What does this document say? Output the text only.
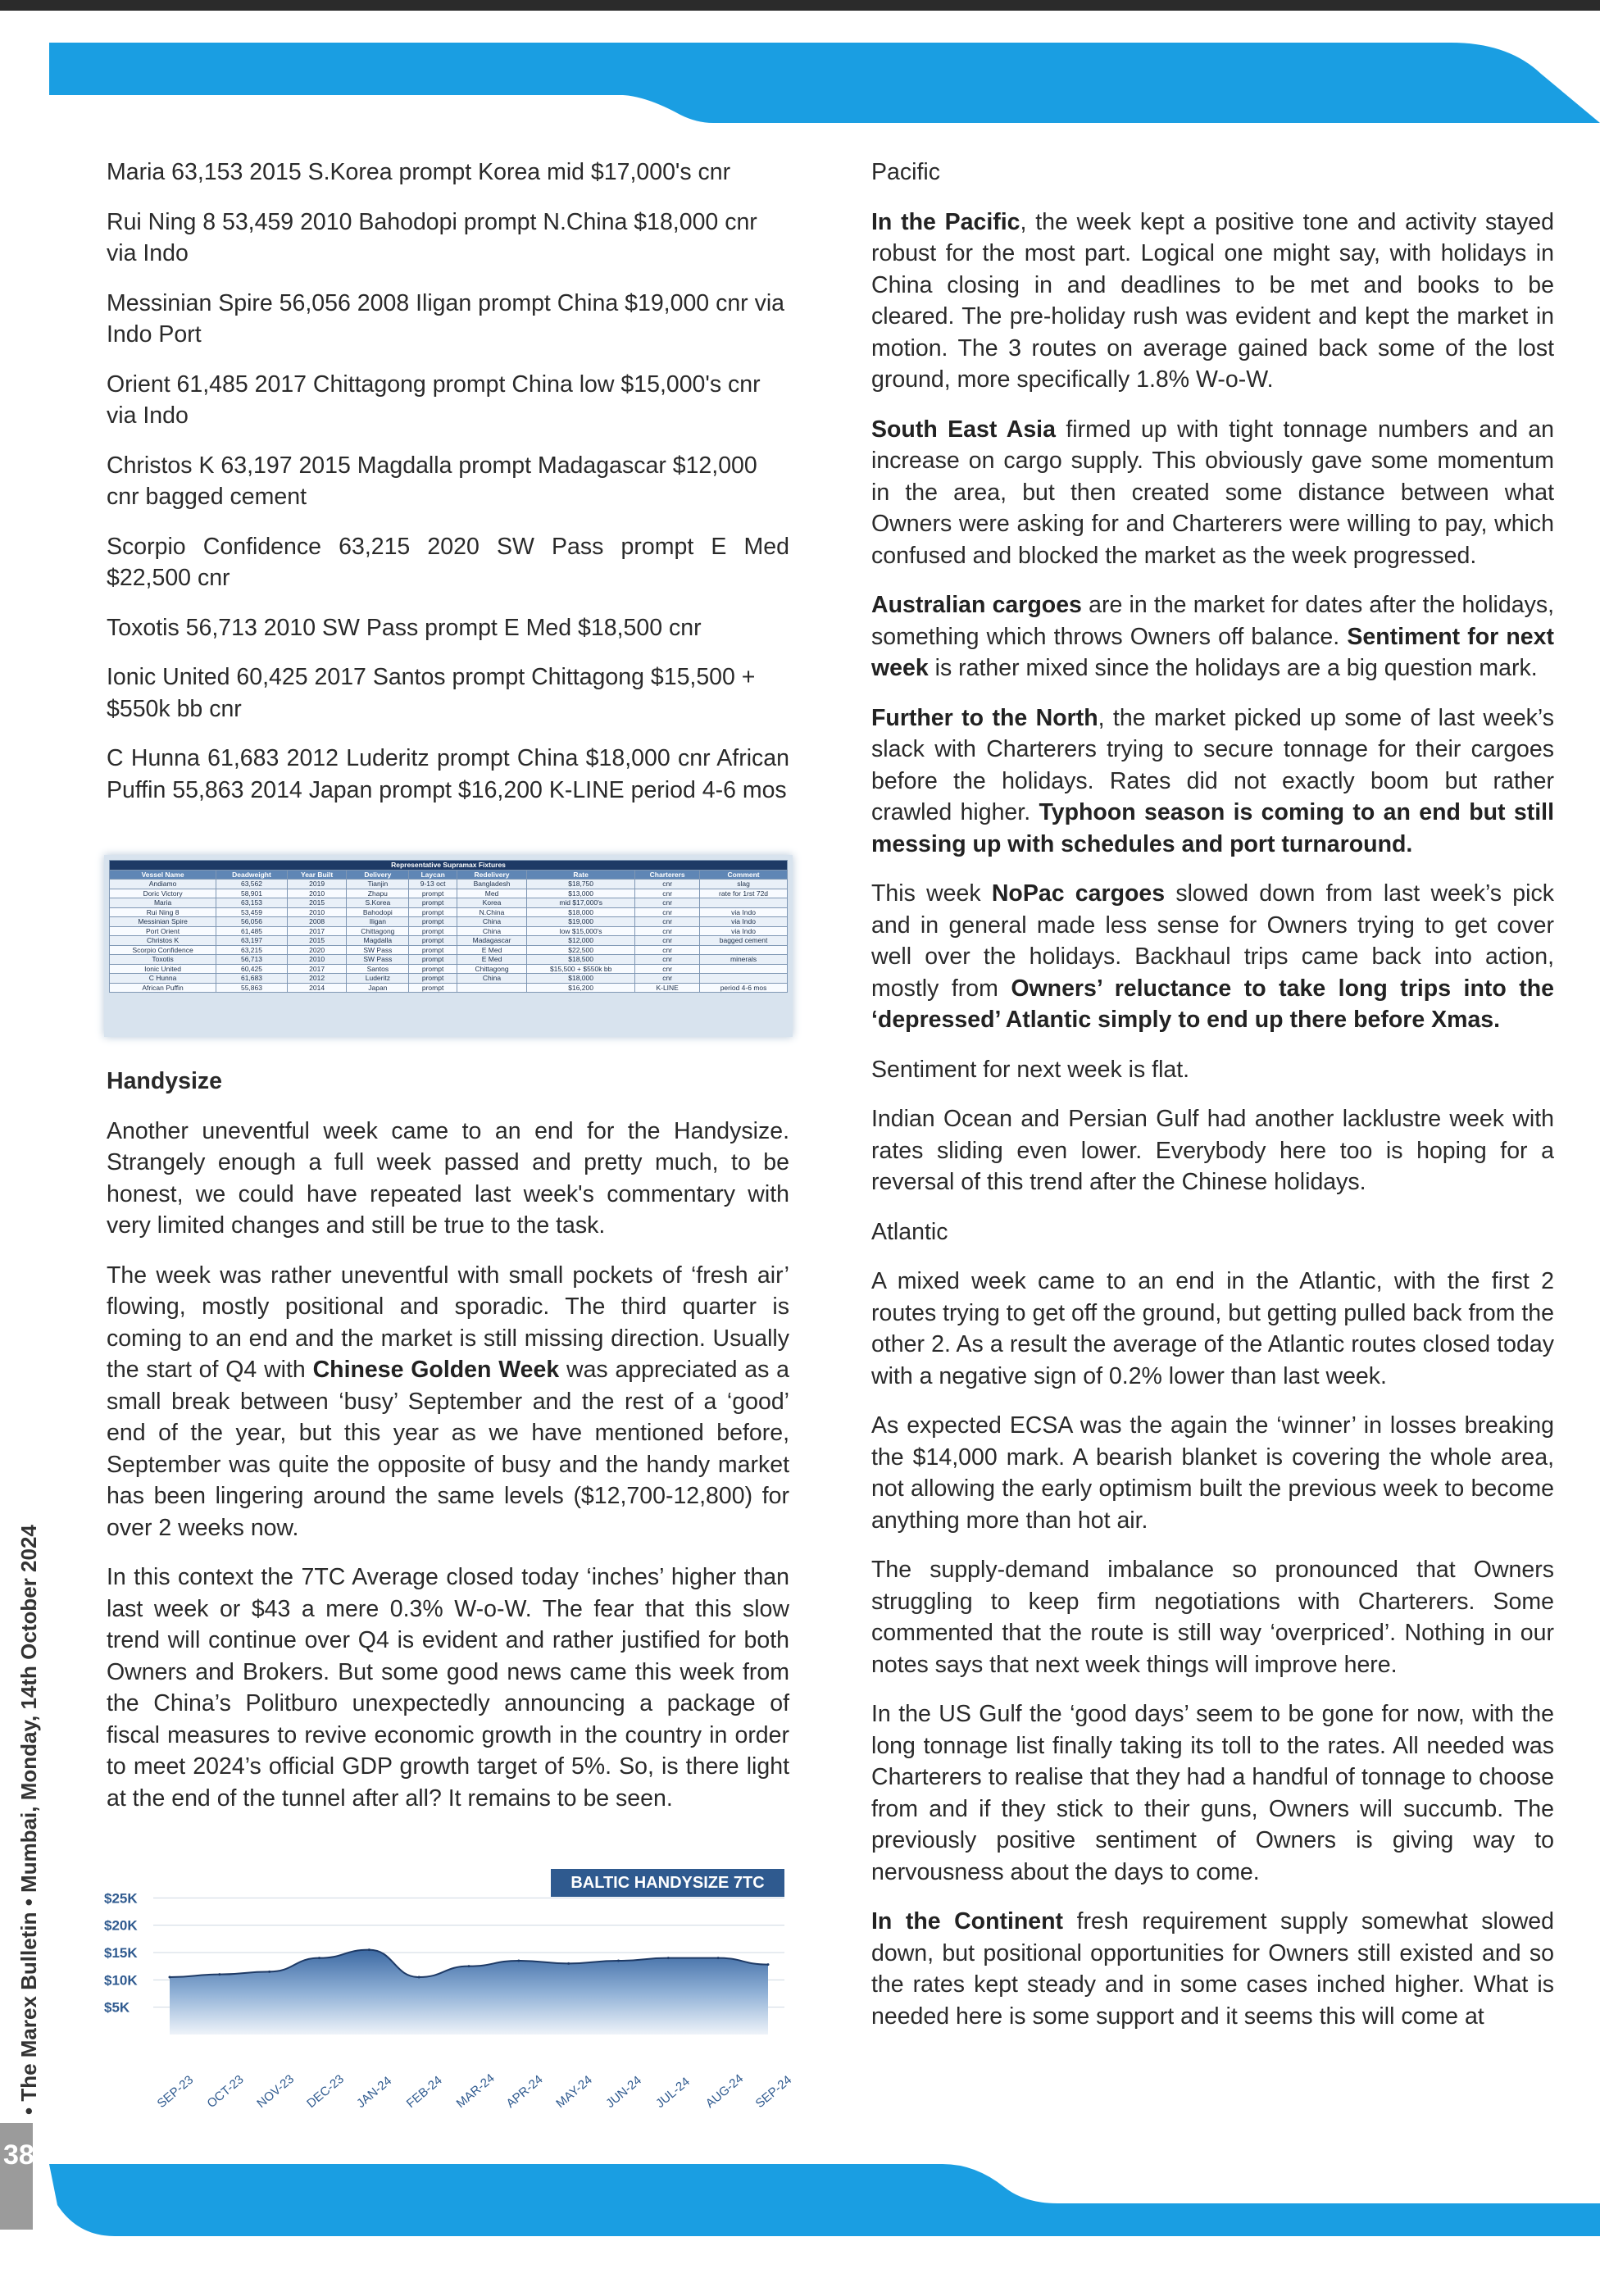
• The Marex Bulletin • Mumbai, Monday, 14th October 2024
38

Maria 63,153 2015 S.Korea prompt Korea mid $17,000's cnr

Rui Ning 8 53,459 2010 Bahodopi prompt N.China $18,000 cnr via Indo

Messinian Spire 56,056 2008 Iligan prompt China $19,000 cnr via Indo Port

Orient 61,485 2017 Chittagong prompt China low $15,000's cnr via Indo

Christos K 63,197 2015 Magdalla prompt Madagascar $12,000 cnr bagged cement

Scorpio Confidence 63,215 2020 SW Pass prompt E Med $22,500 cnr

Toxotis 56,713 2010 SW Pass prompt E Med $18,500 cnr

Ionic United 60,425 2017 Santos prompt Chittagong $15,500 + $550k bb cnr

C Hunna 61,683 2012 Luderitz prompt China $18,000 cnr African Puffin 55,863 2014 Japan prompt $16,200 K-LINE period 4-6 mos

Representative Supramax Fixtures								
Vessel Name	Deadweight	Year Built	Delivery	Laycan	Redelivery	Rate	Charterers	Comment
Andiamo	63,562	2019	Tianjin	9-13 oct	Bangladesh	$18,750	cnr	slag
Doric Victory	58,901	2010	Zhapu	prompt	Med	$13,000	cnr	rate for 1rst 72d
Maria	63,153	2015	S.Korea	prompt	Korea	mid $17,000's	cnr	
Rui Ning 8	53,459	2010	Bahodopi	prompt	N.China	$18,000	cnr	via Indo
Messinian Spire	56,056	2008	Iligan	prompt	China	$19,000	cnr	via Indo
Port Orient	61,485	2017	Chittagong	prompt	China	low $15,000's	cnr	via Indo
Christos K	63,197	2015	Magdalla	prompt	Madagascar	$12,000	cnr	bagged cement
Scorpio Confidence	63,215	2020	SW Pass	prompt	E Med	$22,500	cnr	
Toxotis	56,713	2010	SW Pass	prompt	E Med	$18,500	cnr	minerals
Ionic United	60,425	2017	Santos	prompt	Chittagong	$15,500 + $550k bb	cnr	
C Hunna	61,683	2012	Luderitz	prompt	China	$18,000	cnr	
African Puffin	55,863	2014	Japan	prompt		$16,200	K-LINE	period 4-6 mos
Handysize

Another uneventful week came to an end for the Handysize. Strangely enough a full week passed and pretty much, to be honest, we could have repeated last week's commentary with very limited changes and still be true to the task.

The week was rather uneventful with small pockets of ‘fresh air’ flowing, mostly positional and sporadic. The third quarter is coming to an end and the market is still missing direction. Usually the start of Q4 with Chinese Golden Week was appreciated as a small break between ‘busy’ September and the rest of a ‘good’ end of the year, but this year as we have mentioned before, September was quite the opposite of busy and the handy market has been lingering around the same levels ($12,700-12,800) for over 2 weeks now.

In this context the 7TC Average closed today ‘inches’ higher than last week or $43 a mere 0.3% W-o-W. The fear that this slow trend will continue over Q4 is evident and rather justified for both Owners and Brokers. But some good news came this week from the China’s Politburo unexpectedly announcing a package of fiscal measures to revive economic growth in the country in order to meet 2024’s official GDP growth target of 5%. So, is there light at the end of the tunnel after all? It remains to be seen.

$25K
$20K
$15K
$10K
$5K
SEP-23 OCT-23 NOV-23 DEC-23 JAN-24 FEB-24 MAR-24 APR-24 MAY-24 JUN-24 JUL-24 AUG-24 SEP-24
BALTIC HANDYSIZE 7TC
Pacific

In the Pacific, the week kept a positive tone and activity stayed robust for the most part. Logical one might say, with holidays in China closing in and deadlines to be met and books to be cleared. The pre-holiday rush was evident and kept the market in motion. The 3 routes on average gained back some of the lost ground, more specifically 1.8% W-o-W.

South East Asia firmed up with tight tonnage numbers and an increase on cargo supply. This obviously gave some momentum in the area, but then created some distance between what Owners were asking for and Charterers were willing to pay, which confused and blocked the market as the week progressed.

Australian cargoes are in the market for dates after the holidays, something which throws Owners off balance. Sentiment for next week is rather mixed since the holidays are a big question mark.

Further to the North, the market picked up some of last week’s slack with Charterers trying to secure tonnage for their cargoes before the holidays. Rates did not exactly boom but rather crawled higher. Typhoon season is coming to an end but still messing up with schedules and port turnaround.

This week NoPac cargoes slowed down from last week’s pick and in general made less sense for Owners trying to get cover well over the holidays. Backhaul trips came back into action, mostly from Owners’ reluctance to take long trips into the ‘depressed’ Atlantic simply to end up there before Xmas.

Sentiment for next week is flat.

Indian Ocean and Persian Gulf had another lacklustre week with rates sliding even lower. Everybody here too is hoping for a reversal of this trend after the Chinese holidays.

Atlantic

A mixed week came to an end in the Atlantic, with the first 2 routes trying to get off the ground, but getting pulled back from the other 2. As a result the average of the Atlantic routes closed today with a negative sign of 0.2% lower than last week.

As expected ECSA was the again the ‘winner’ in losses breaking the $14,000 mark. A bearish blanket is covering the whole area, not allowing the early optimism built the previous week to become anything more than hot air.

The supply-demand imbalance so pronounced that Owners struggling to keep firm negotiations with Charterers. Some commented that the route is still way ‘overpriced’. Nothing in our notes says that next week things will improve here.

In the US Gulf the ‘good days’ seem to be gone for now, with the long tonnage list finally taking its toll to the rates. All needed was Charterers to realise that they had a handful of tonnage to choose from and if they stick to their guns, Owners will succumb. The previously positive sentiment of Owners is giving way to nervousness about the days to come.

In the Continent fresh requirement supply somewhat slowed down, but positional opportunities for Owners still existed and so the rates kept steady and in some cases inched higher. What is needed here is some support and it seems this will come at
